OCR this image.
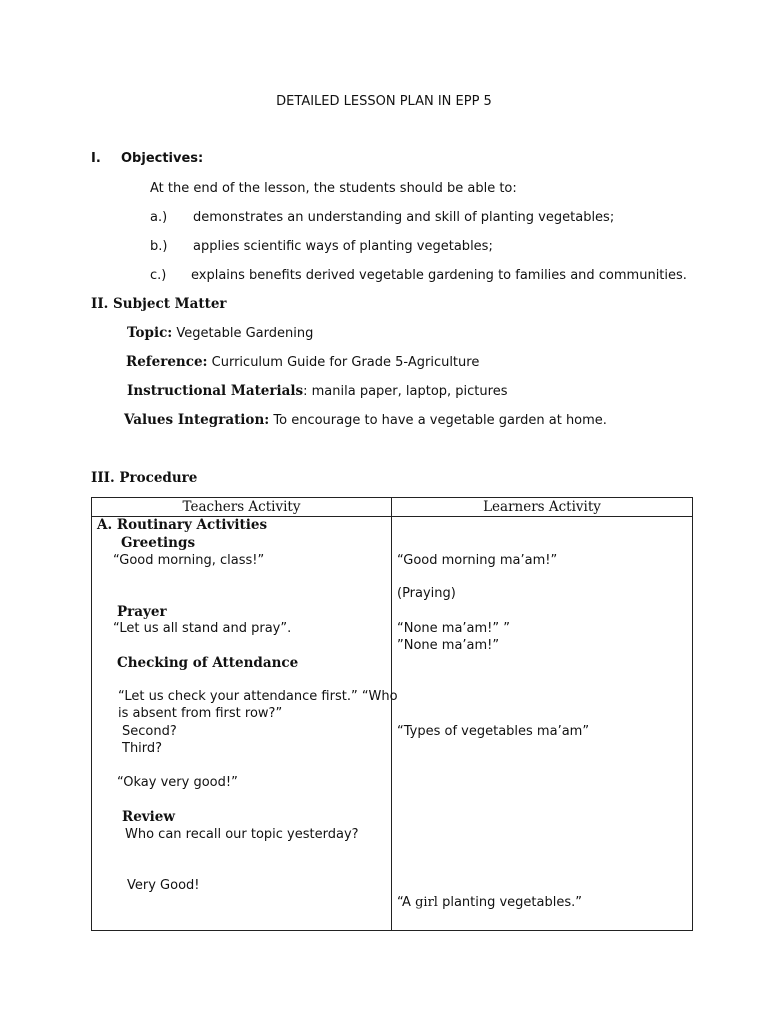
DETAILED LESSON PLAN IN EPP 5
I. Objectives:
At the end of the lesson, the students should be able to:
a.) demonstrates an understanding and skill of planting vegetables;
b.) applies scientific ways of planting vegetables;
c.) explains benefits derived vegetable gardening to families and communities.
II. Subject Matter
Topic: Vegetable Gardening
Reference: Curriculum Guide for Grade 5-Agriculture
Instructional Materials: manila paper, laptop, pictures
Values Integration: To encourage to have a vegetable garden at home.
III. Procedure
Teachers Activity	Learners Activity
A. Routinary Activities
Greetings
“Good morning, class!”
Prayer
“Let us all stand and pray”.
Checking of Attendance
“Let us check your attendance first.” “Who
is absent from first row?”
Second?
Third?
“Okay very good!”
Review
Who can recall our topic yesterday?
Very Good!
“Good morning ma’am!”
(Praying)
“None ma’am!” ”
”None ma’am!”
“Types of vegetables ma’am”
“A girl planting vegetables.”
